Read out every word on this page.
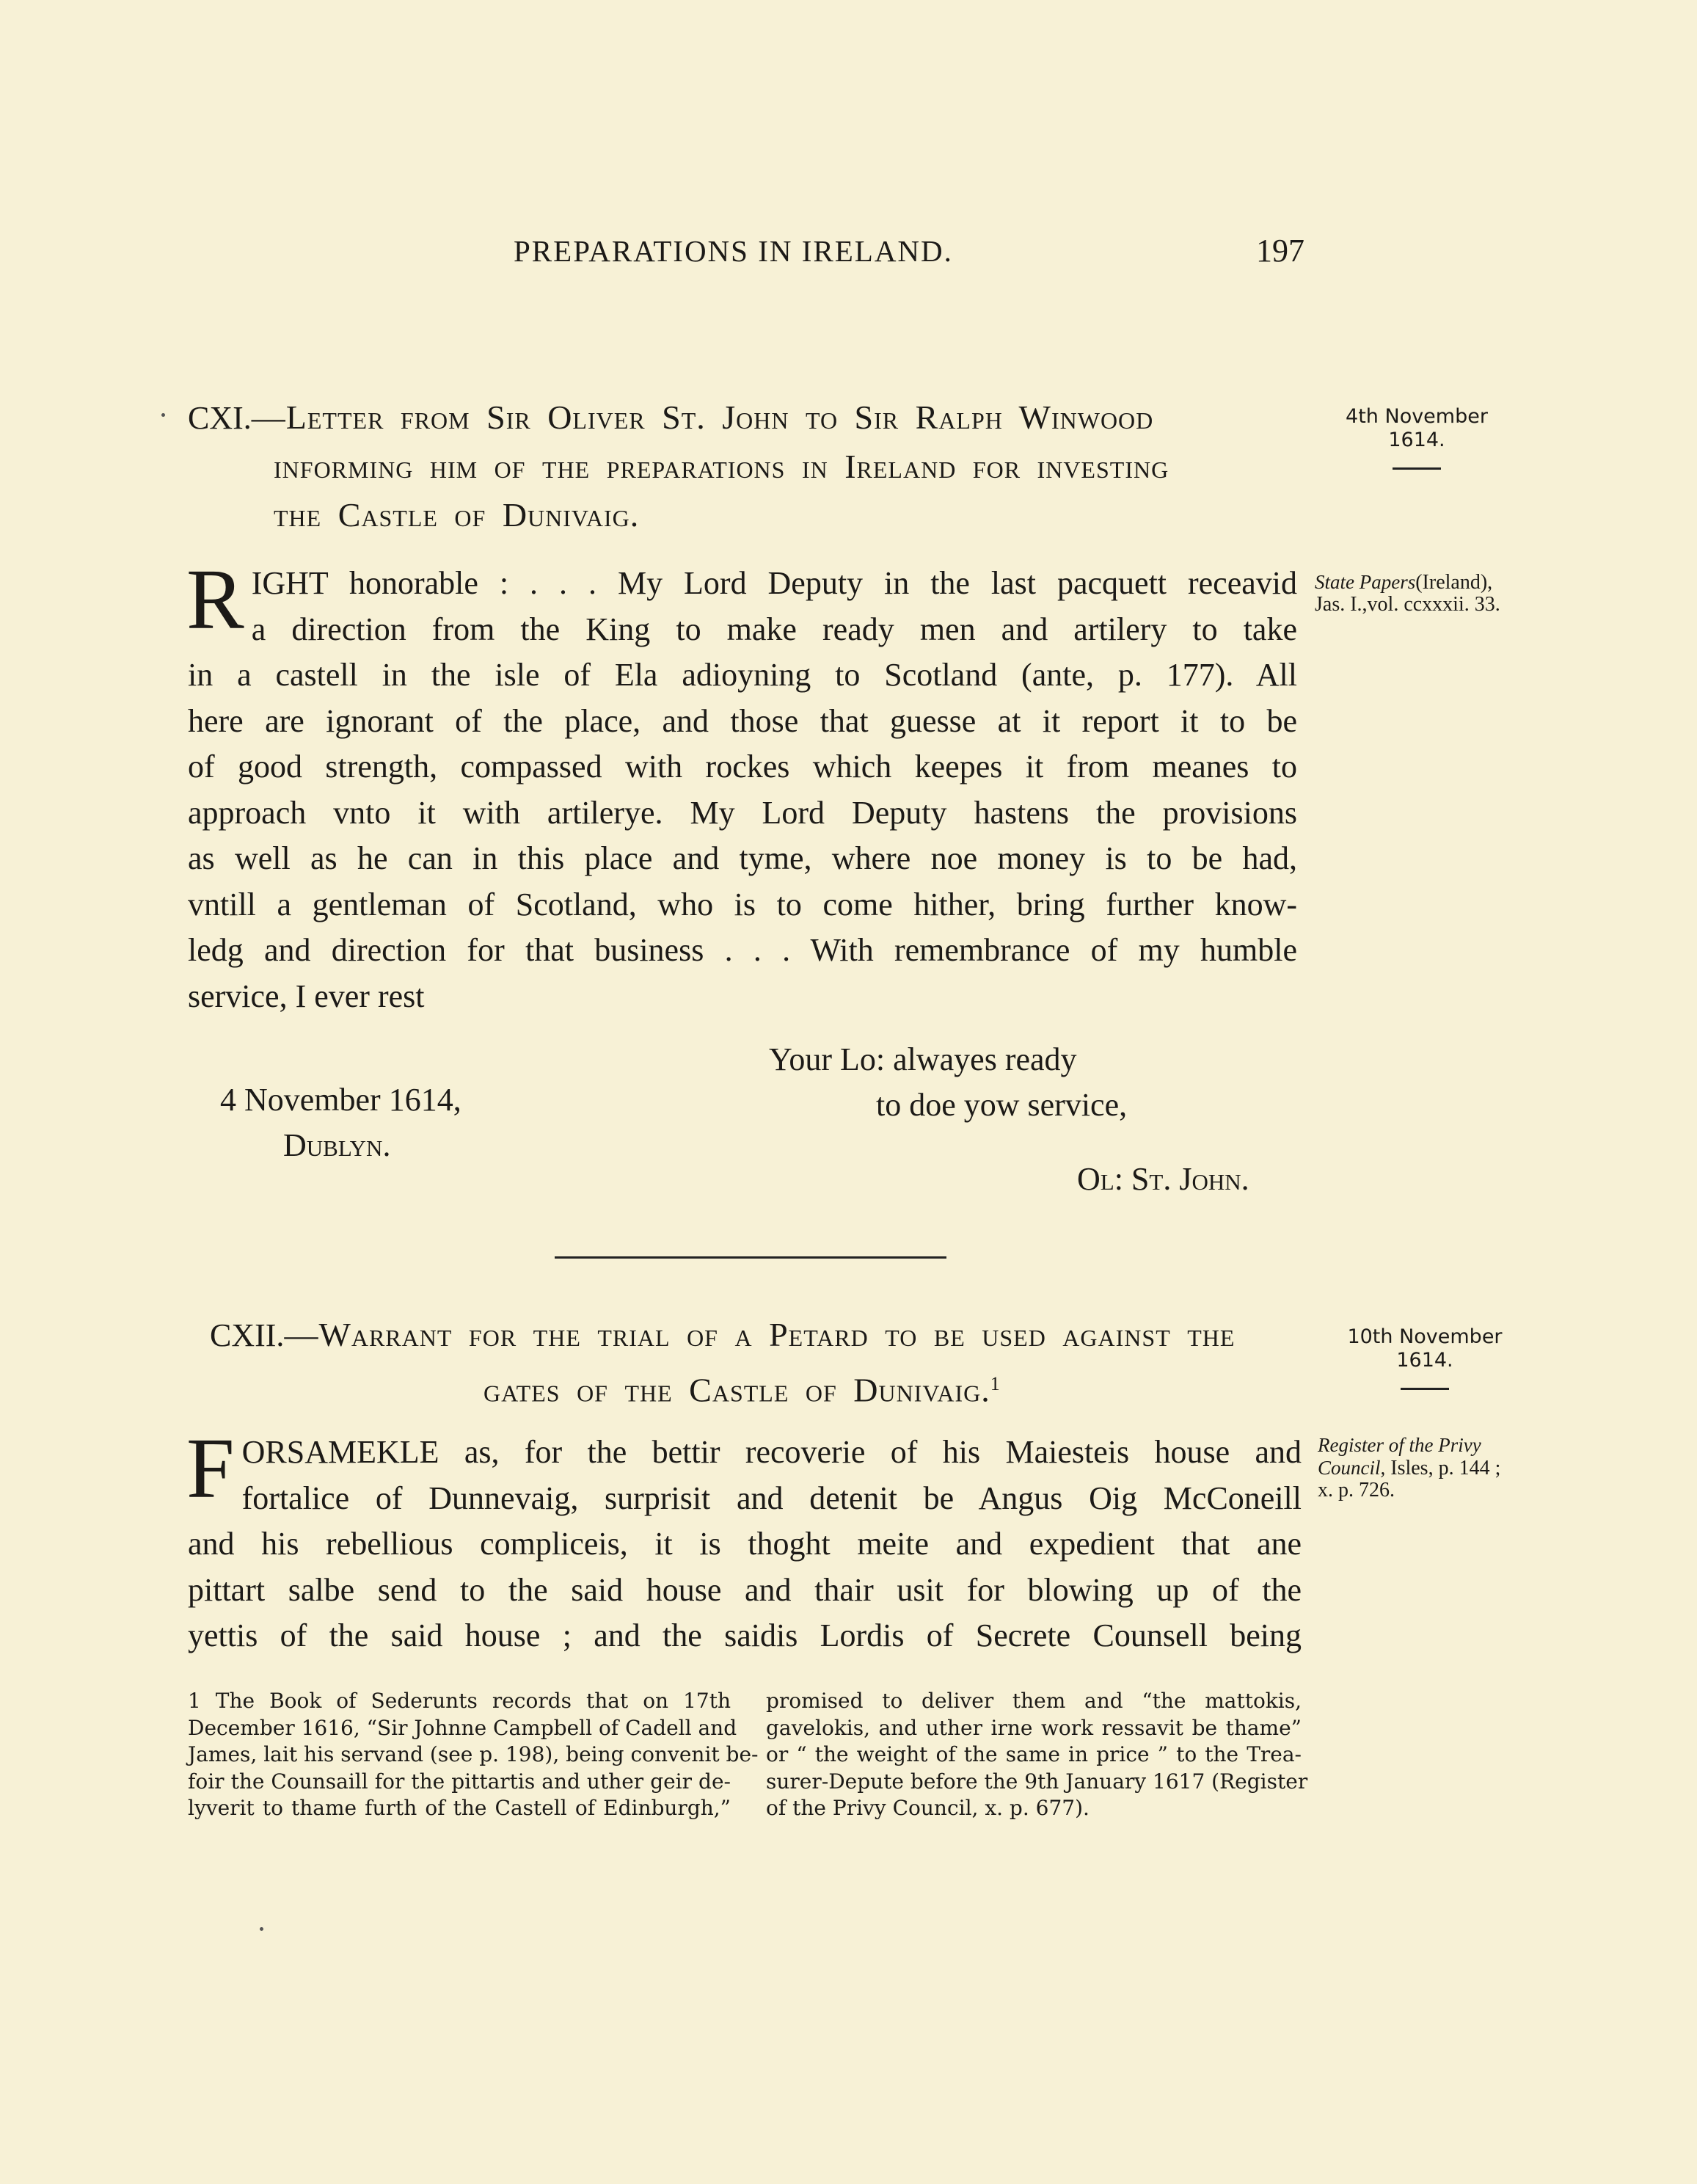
PREPARATIONS IN IRELAND.	197
CXI.—Letter from Sir Oliver St. John to Sir Ralph Winwood
informing him of the preparations in Ireland for investing
the Castle of Dunivaig.
4th November
1614.
State Papers(Ireland),
Jas. I.,vol. ccxxxii. 33.
R IGHT honorable : . . . My Lord Deputy in the last pacquett receavid
a direction from the King to make ready men and artilery to take
in a castell in the isle of Ela adioyning to Scotland (ante, p. 177). All
here are ignorant of the place, and those that guesse at it report it to be
of good strength, compassed with rockes which keepes it from meanes to
approach vnto it with artilerye. My Lord Deputy hastens the provisions
as well as he can in this place and tyme, where noe money is to be had,
vntill a gentleman of Scotland, who is to come hither, bring further know-
ledg and direction for that business . . . With remembrance of my humble
service, I ever rest
Your Lo: alwayes ready
to doe yow service,
4 November 1614,
Dublyn.
Ol: St. John.
CXII.—Warrant for the trial of a Petard to be used against the
gates of the Castle of Dunivaig.$^1$
10th November
1614.
Register of the Privy
Council, Isles, p. 144 ;
x. p. 726.
F ORSAMEKLE as, for the bettir recoverie of his Maiesteis house and
fortalice of Dunnevaig, surprisit and detenit be Angus Oig McConeill
and his rebellious compliceis, it is thoght meite and expedient that ane
pittart salbe send to the said house and thair usit for blowing up of the
yettis of the said house ; and the saidis Lordis of Secrete Counsell being
1 The Book of Sederunts records that on 17th
December 1616, “Sir Johnne Campbell of Cadell and
James, lait his servand (see p. 198), being convenit be-
foir the Counsaill for the pittartis and uther geir de-
lyverit to thame furth of the Castell of Edinburgh,”
promised to deliver them and “the mattokis,
gavelokis, and uther irne work ressavit be thame”
or “ the weight of the same in price ” to the Trea-
surer-Depute before the 9th January 1617 (Register
of the Privy Council, x. p. 677).
